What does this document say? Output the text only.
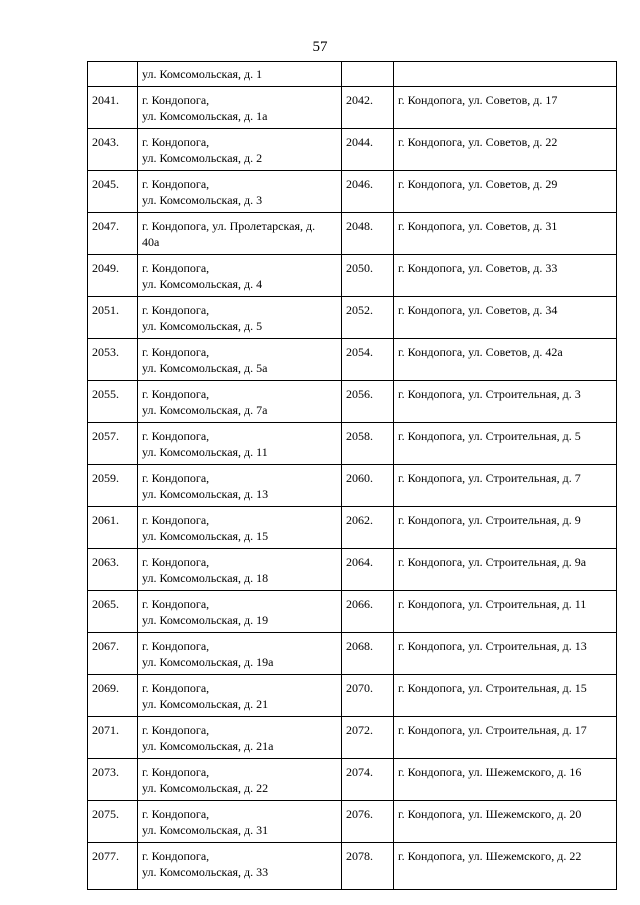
57

	ул. Комсомольская, д. 1		

2041.	г. Кондопога,
ул. Комсомольская, д. 1а	2042.	г. Кондопога, ул. Советов, д. 17

2043.	г. Кондопога,
ул. Комсомольская, д. 2	2044.	г. Кондопога, ул. Советов, д. 22

2045.	г. Кондопога,
ул. Комсомольская, д. 3	2046.	г. Кондопога, ул. Советов, д. 29

2047.	г. Кондопога, ул. Пролетарская, д.
40а	2048.	г. Кондопога, ул. Советов, д. 31

2049.	г. Кондопога,
ул. Комсомольская, д. 4	2050.	г. Кондопога, ул. Советов, д. 33

2051.	г. Кондопога,
ул. Комсомольская, д. 5	2052.	г. Кондопога, ул. Советов, д. 34

2053.	г. Кондопога,
ул. Комсомольская, д. 5а	2054.	г. Кондопога, ул. Советов, д. 42а

2055.	г. Кондопога,
ул. Комсомольская, д. 7а	2056.	г. Кондопога, ул. Строительная, д. 3

2057.	г. Кондопога,
ул. Комсомольская, д. 11	2058.	г. Кондопога, ул. Строительная, д. 5

2059.	г. Кондопога,
ул. Комсомольская, д. 13	2060.	г. Кондопога, ул. Строительная, д. 7

2061.	г. Кондопога,
ул. Комсомольская, д. 15	2062.	г. Кондопога, ул. Строительная, д. 9

2063.	г. Кондопога,
ул. Комсомольская, д. 18	2064.	г. Кондопога, ул. Строительная, д. 9а

2065.	г. Кондопога,
ул. Комсомольская, д. 19	2066.	г. Кондопога, ул. Строительная, д. 11

2067.	г. Кондопога,
ул. Комсомольская, д. 19а	2068.	г. Кондопога, ул. Строительная, д. 13

2069.	г. Кондопога,
ул. Комсомольская, д. 21	2070.	г. Кондопога, ул. Строительная, д. 15

2071.	г. Кондопога,
ул. Комсомольская, д. 21а	2072.	г. Кондопога, ул. Строительная, д. 17

2073.	г. Кондопога,
ул. Комсомольская, д. 22	2074.	г. Кондопога, ул. Шежемского, д. 16

2075.	г. Кондопога,
ул. Комсомольская, д. 31	2076.	г. Кондопога, ул. Шежемского, д. 20

2077.	г. Кондопога,
ул. Комсомольская, д. 33	2078.	г. Кондопога, ул. Шежемского, д. 22
